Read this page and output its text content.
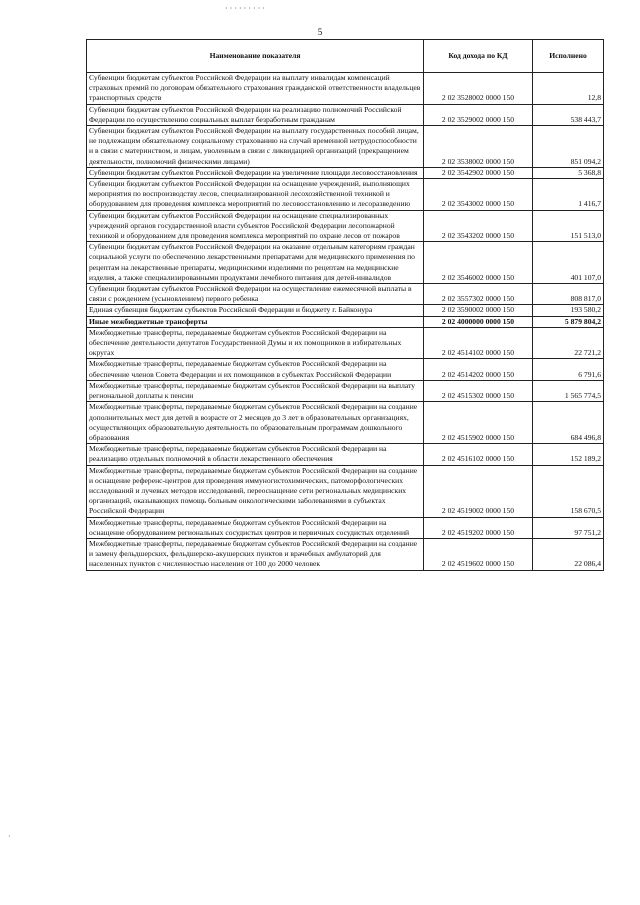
5
· · · · · · · · ·
Наименование показателя	Код дохода по КД	Исполнено
Субвенции бюджетам субъектов Российской Федерации на выплату инвалидам компенсаций страховых премий по договорам обязательного страхования гражданской ответственности владельцев транспортных средств	2 02 3528002 0000 150	12,8
Субвенции бюджетам субъектов Российской Федерации на реализацию полномочий Российской Федерации по осуществлению социальных выплат безработным гражданам	2 02 3529002 0000 150	538 443,7
Субвенции бюджетам субъектов Российской Федерации на выплату государственных пособий лицам, не подлежащим обязательному социальному страхованию на случай временной нетрудоспособности и в связи с материнством, и лицам, уволенным в связи с ликвидацией организаций (прекращением деятельности, полномочий физическими лицами)	2 02 3538002 0000 150	851 094,2
Субвенции бюджетам субъектов Российской Федерации на увеличение площади лесовосстановления	2 02 3542902 0000 150	5 368,8
Субвенции бюджетам субъектов Российской Федерации на оснащение учреждений, выполняющих мероприятия по воспроизводству лесов, специализированной лесохозяйственной техникой и оборудованием для проведения комплекса мероприятий по лесовосстановлению и лесоразведению	2 02 3543002 0000 150	1 416,7
Субвенции бюджетам субъектов Российской Федерации на оснащение специализированных учреждений органов государственной власти субъектов Российской Федерации лесопожарной техникой и оборудованием для проведения комплекса мероприятий по охране лесов от пожаров	2 02 3543202 0000 150	151 513,0
Субвенции бюджетам субъектов Российской Федерации на оказание отдельным категориям граждан социальной услуги по обеспечению лекарственными препаратами для медицинского применения по рецептам на лекарственные препараты, медицинскими изделиями по рецептам на медицинские изделия, а также специализированными продуктами лечебного питания для детей-инвалидов	2 02 3546002 0000 150	401 107,0
Субвенции бюджетам субъектов Российской Федерации на осуществление ежемесячной выплаты в связи с рождением (усыновлением) первого ребенка	2 02 3557302 0000 150	808 817,0
Единая субвенция бюджетам субъектов Российской Федерации и бюджету г. Байконура	2 02 3590002 0000 150	193 580,2
Иные межбюджетные трансферты	2 02 4000000 0000 150	5 879 804,2
Межбюджетные трансферты, передаваемые бюджетам субъектов Российской Федерации на обеспечение деятельности депутатов Государственной Думы и их помощников в избирательных округах	2 02 4514102 0000 150	22 721,2
Межбюджетные трансферты, передаваемые бюджетам субъектов Российской Федерации на обеспечение членов Совета Федерации и их помощников в субъектах Российской Федерации	2 02 4514202 0000 150	6 791,6
Межбюджетные трансферты, передаваемые бюджетам субъектов Российской Федерации на выплату региональной доплаты к пенсии	2 02 4515302 0000 150	1 565 774,5
Межбюджетные трансферты, передаваемые бюджетам субъектов Российской Федерации на создание дополнительных мест для детей в возрасте от 2 месяцев до 3 лет в образовательных организациях, осуществляющих образовательную деятельность по образовательным программам дошкольного образования	2 02 4515902 0000 150	684 496,8
Межбюджетные трансферты, передаваемые бюджетам субъектов Российской Федерации на реализацию отдельных полномочий в области лекарственного обеспечения	2 02 4516102 0000 150	152 189,2
Межбюджетные трансферты, передаваемые бюджетам субъектов Российской Федерации на создание и оснащение референс-центров для проведения иммуногистохимических, патоморфологических исследований и лучевых методов исследований, переоснащение сети региональных медицинских организаций, оказывающих помощь больным онкологическими заболеваниями в субъектах Российской Федерации	2 02 4519002 0000 150	158 670,5
Межбюджетные трансферты, передаваемые бюджетам субъектов Российской Федерации на оснащение оборудованием региональных сосудистых центров и первичных сосудистых отделений	2 02 4519202 0000 150	97 751,2
Межбюджетные трансферты, передаваемые бюджетам субъектов Российской Федерации на создание и замену фельдшерских, фельдшерско-акушерских пунктов и врачебных амбулаторий для населенных пунктов с численностью населения от 100 до 2000 человек	2 02 4519602 0000 150	22 086,4
·
